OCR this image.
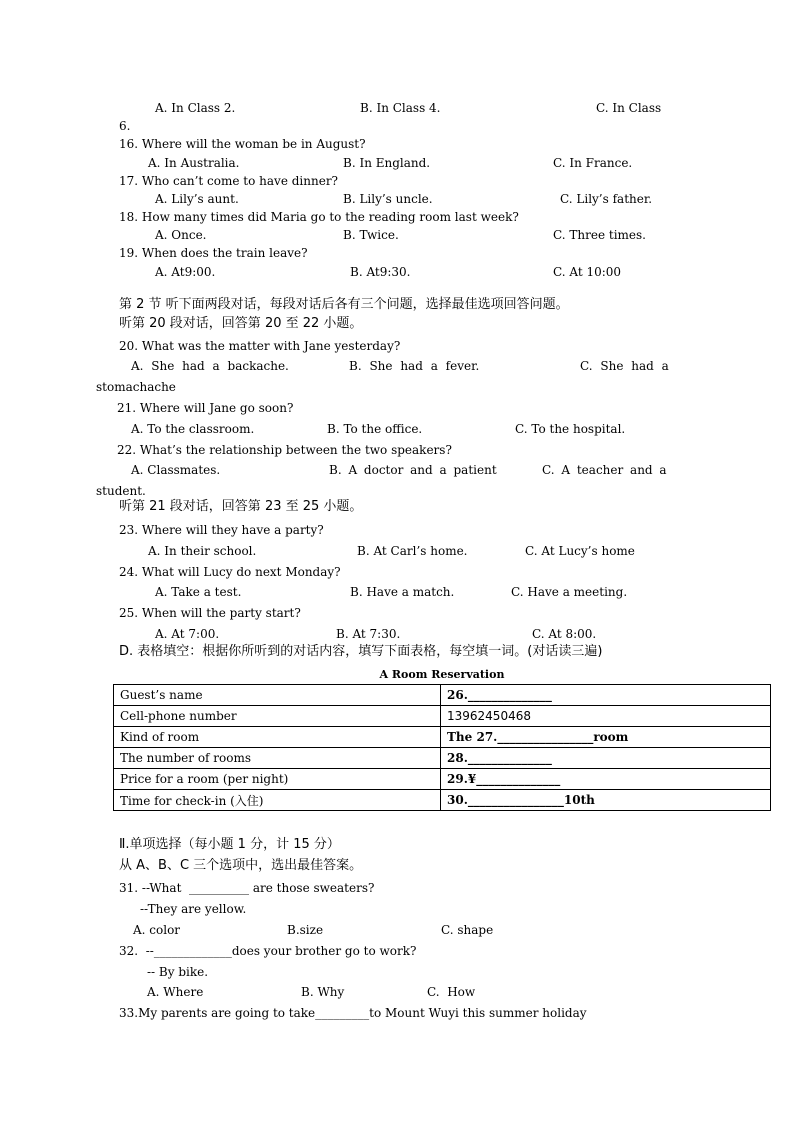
A. In Class 2.	B. In Class 4.	C. In Class
6.
16. Where will the woman be in August?
A. In Australia.	B. In England.	C. In France.
17. Who can’t come to have dinner?
A. Lily’s aunt.	B. Lily’s uncle.	C. Lily’s father.
18. How many times did Maria go to the reading room last week?
A. Once.	B. Twice.	C. Three times.
19. When does the train leave?
A. At9:00.	B. At9:30.	C. At 10:00
第 2 节 听下面两段对话，每段对话后各有三个问题，选择最佳选项回答问题。
听第 20 段对话，回答第 20 至 22 小题。
20. What was the matter with Jane yesterday?
A. She had a backache.	B. She had a fever.	C. She had a
stomachache
21. Where will Jane go soon?
A. To the classroom.	B. To the office.	C. To the hospital.
22. What’s the relationship between the two speakers?
A. Classmates.	B. A doctor and a patient	C. A teacher and a
student.
听第 21 段对话，回答第 23 至 25 小题。
23. Where will they have a party?
A. In their school.	B. At Carl’s home.	C. At Lucy’s home
24. What will Lucy do next Monday?
A. Take a test.	B. Have a match.	C. Have a meeting.
25. When will the party start?
A. At 7:00.	B. At 7:30.	C. At 8:00.
D. 表格填空：根据你所听到的对话内容，填写下面表格，每空填一词。(对话读三遍)
A Room Reservation
Guest’s name	26.______________
Cell-phone number	13962450468
Kind of room	The 27.________________room
The number of rooms	28.______________
Price for a room (per night)	29.¥______________
Time for check-in (入住)	30.________________10th
Ⅱ.单项选择（每小题 1 分，计 15 分）
从 A、B、C 三个选项中，选出最佳答案。
31. --What  __________ are those sweaters?
--They are yellow.
A. color	B.size	C. shape
32.  --_____________does your brother go to work?
-- By bike.
A. Where	B. Why	C.  How
33.My parents are going to take_________to Mount Wuyi this summer holiday
